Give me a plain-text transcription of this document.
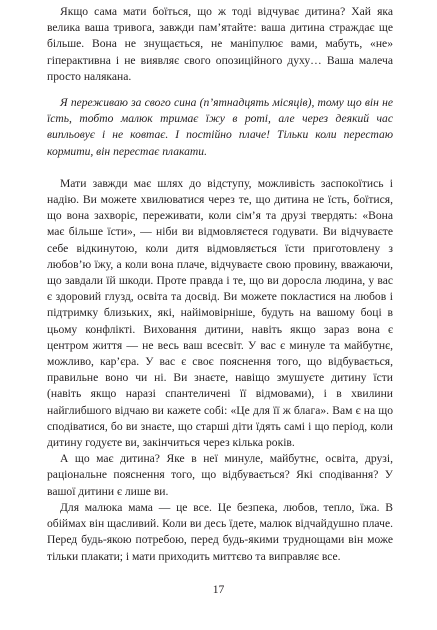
Якщо сама мати боїться, що ж тоді відчуває дитина? Хай яка велика ваша тривога, завжди пам’ятайте: ваша дитина страждає ще більше. Вона не знущається, не маніпулює вами, мабуть, «не» гіперактивна і не виявляє свого опозиційного духу… Ваша малеча просто налякана.

Я переживаю за свого сина (п’ятнадцять місяців), тому що він не їсть, тобто малюк тримає їжу в роті, але через деякий час випльовує і не ковтає. І постійно плаче! Тільки коли перестаю кормити, він перестає плакати.

Мати завжди має шлях до відступу, можливість заспокоїтись і надію. Ви можете хвилюватися через те, що дитина не їсть, боїтися, що вона захворіє, переживати, коли сім’я та друзі твердять: «Вона має більше їсти», — ніби ви відмовляєтеся годувати. Ви відчуваєте себе відкинутою, коли дитя відмовляється їсти приготовлену з любов’ю їжу, а коли вона плаче, відчуваєте свою провину, вважаючи, що завдали їй шкоди. Проте правда і те, що ви доросла людина, у вас є здоровий глузд, освіта та досвід. Ви можете покластися на любов і підтримку близьких, які, найімовірніше, будуть на вашому боці в цьому конфлікті. Виховання дитини, навіть якщо зараз вона є центром життя — не весь ваш всесвіт. У вас є минуле та майбутнє, можливо, кар’єра. У вас є своє пояснення того, що відбувається, правильне воно чи ні. Ви знаєте, навіщо змушуєте дитину їсти (навіть якщо наразі спантеличені її відмовами), і в хвилини найглибшого відчаю ви кажете собі: «Це для її ж блага». Вам є на що сподіватися, бо ви знаєте, що старші діти їдять самі і що період, коли дитину годуєте ви, закінчиться через кілька років.

А що має дитина? Яке в неї минуле, майбутнє, освіта, друзі, раціональне пояснення того, що відбувається? Які сподівання? У вашої дитини є лише ви.

Для малюка мама — це все. Це безпека, любов, тепло, їжа. В обіймах він щасливий. Коли ви десь їдете, малюк відчайдушно плаче. Перед будь-якою потребою, перед будь-якими труднощами він може тільки плакати; і мати приходить миттєво та виправляє все.

17
